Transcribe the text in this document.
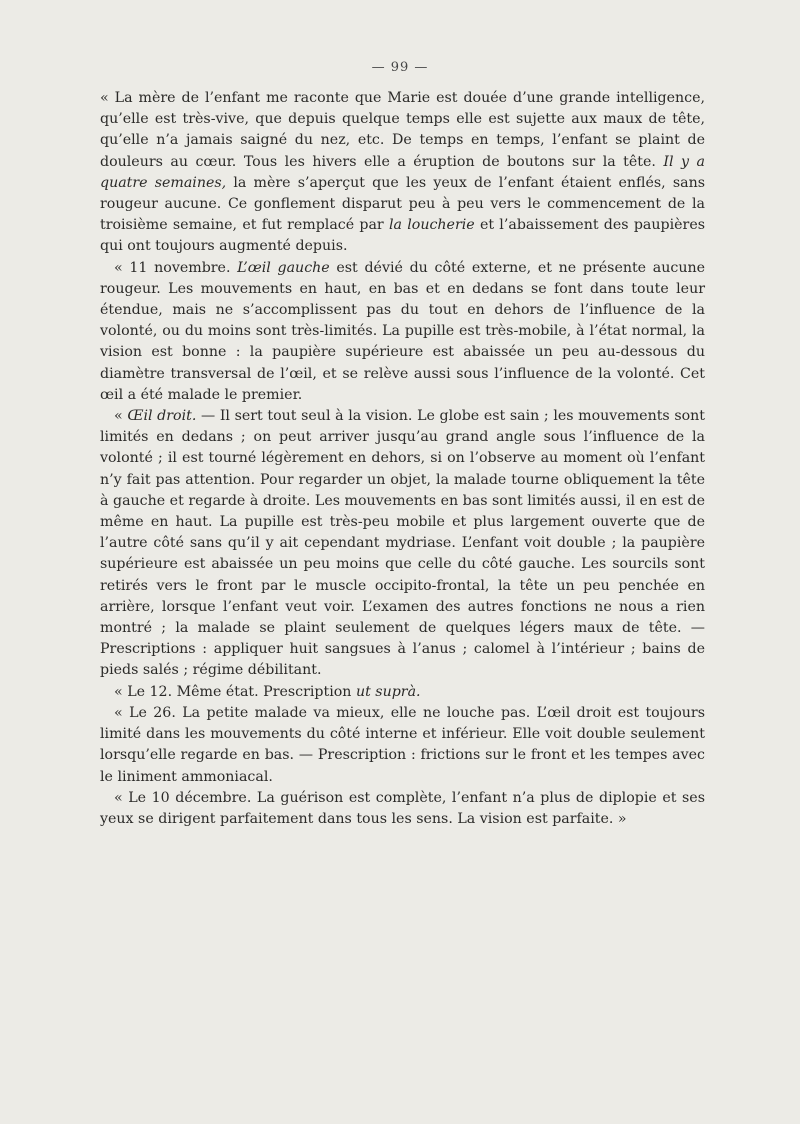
— 99 —

« La mère de l’enfant me raconte que Marie est douée d’une grande intelligence, qu’elle est très-vive, que depuis quelque temps elle est sujette aux maux de tête, qu’elle n’a jamais saigné du nez, etc. De temps en temps, l’enfant se plaint de douleurs au cœur. Tous les hivers elle a éruption de boutons sur la tête. Il y a quatre semaines, la mère s’aperçut que les yeux de l’enfant étaient enflés, sans rougeur aucune. Ce gonflement disparut peu à peu vers le commencement de la troisième semaine, et fut remplacé par la loucherie et l’abaissement des paupières qui ont toujours augmenté depuis.

« 11 novembre. L’œil gauche est dévié du côté externe, et ne présente aucune rougeur. Les mouvements en haut, en bas et en dedans se font dans toute leur étendue, mais ne s’accomplissent pas du tout en dehors de l’influence de la volonté, ou du moins sont très-limités. La pupille est très-mobile, à l’état normal, la vision est bonne : la paupière supérieure est abaissée un peu au-dessous du diamètre transversal de l’œil, et se relève aussi sous l’influence de la volonté. Cet œil a été malade le premier.

« Œil droit. — Il sert tout seul à la vision. Le globe est sain ; les mouvements sont limités en dedans ; on peut arriver jusqu’au grand angle sous l’influence de la volonté ; il est tourné légèrement en dehors, si on l’observe au moment où l’enfant n’y fait pas attention. Pour regarder un objet, la malade tourne obliquement la tête à gauche et regarde à droite. Les mouvements en bas sont limités aussi, il en est de même en haut. La pupille est très-peu mobile et plus largement ouverte que de l’autre côté sans qu’il y ait cependant mydriase. L’enfant voit double ; la paupière supérieure est abaissée un peu moins que celle du côté gauche. Les sourcils sont retirés vers le front par le muscle occipito-frontal, la tête un peu penchée en arrière, lorsque l’enfant veut voir. L’examen des autres fonctions ne nous a rien montré ; la malade se plaint seulement de quelques légers maux de tête. — Prescriptions : appliquer huit sangsues à l’anus ; calomel à l’intérieur ; bains de pieds salés ; régime débilitant.

« Le 12. Même état. Prescription ut suprà.

« Le 26. La petite malade va mieux, elle ne louche pas. L’œil droit est toujours limité dans les mouvements du côté interne et inférieur. Elle voit double seulement lorsqu’elle regarde en bas. — Prescription : frictions sur le front et les tempes avec le liniment ammoniacal.

« Le 10 décembre. La guérison est complète, l’enfant n’a plus de diplopie et ses yeux se dirigent parfaitement dans tous les sens. La vision est parfaite. »
